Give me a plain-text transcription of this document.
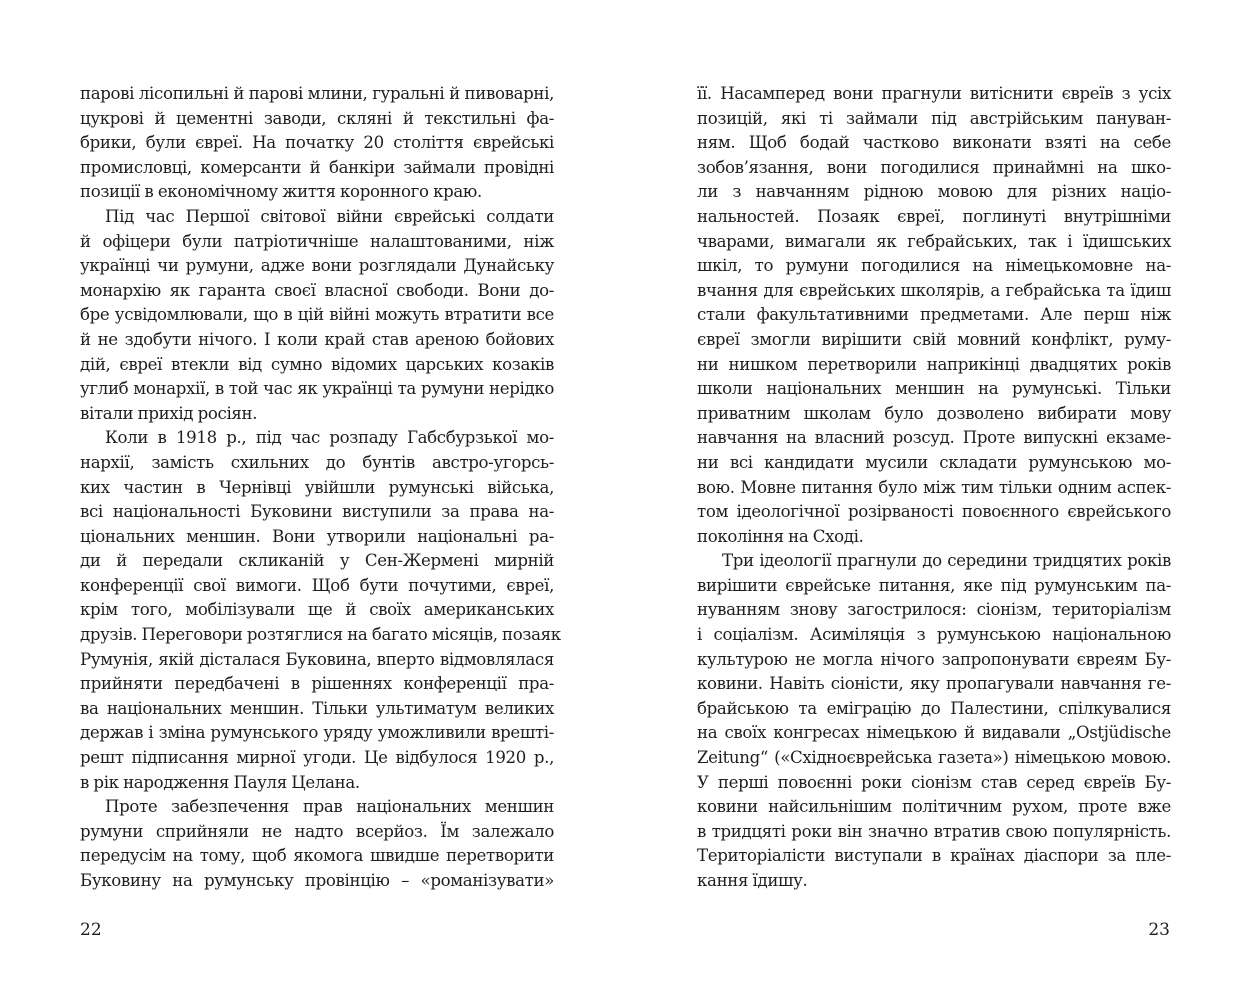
парові лісопильні й парові млини, гуральні й пивоварні,
цукрові й цементні заводи, скляні й текстильні фа-
брики, були євреї. На початку 20 століття єврейські
промисловці, комерсанти й банкіри займали провідні
позиції в економічному життя коронного краю.
Під час Першої світової війни єврейські солдати
й офіцери були патріотичніше налаштованими, ніж
українці чи румуни, адже вони розглядали Дунайську
монархію як гаранта своєї власної свободи. Вони до-
бре усвідомлювали, що в цій війні можуть втратити все
й не здобути нічого. І коли край став ареною бойових
дій, євреї втекли від сумно відомих царських козаків
углиб монархії, в той час як українці та румуни нерідко
вітали прихід росіян.
Коли в 1918 р., під час розпаду Габсбурзької мо-
нархії, замість схильних до бунтів австро-угорсь-
ких частин в Чернівці увійшли румунські війська,
всі національності Буковини виступили за права на-
ціональних меншин. Вони утворили національні ра-
ди й передали скликаній у Сен-Жермені мирній
конференції свої вимоги. Щоб бути почутими, євреї,
крім того, мобілізували ще й своїх американських
друзів. Переговори розтяглися на багато місяців, позаяк
Румунія, якій дісталася Буковина, вперто відмовлялася
прийняти передбачені в рішеннях конференції пра-
ва національних меншин. Тільки ультиматум великих
держав і зміна румунського уряду уможливили врешті-
решт підписання мирної угоди. Це відбулося 1920 р.,
в рік народження Пауля Целана.
Проте забезпечення прав національних меншин
румуни сприйняли не надто всерйоз. Їм залежало
передусім на тому, щоб якомога швидше перетворити
Буковину на румунську провінцію – «романізувати»
22
її. Насамперед вони прагнули витіснити євреїв з усіх
позицій, які ті займали під австрійським пануван-
ням. Щоб бодай частково виконати взяті на себе
зобов’язання, вони погодилися принаймні на шко-
ли з навчанням рідною мовою для різних націо-
нальностей. Позаяк євреї, поглинуті внутрішніми
чварами, вимагали як гебрайських, так і їдишських
шкіл, то румуни погодилися на німецькомовне на-
вчання для єврейських школярів, а гебрайська та їдиш
стали факультативними предметами. Але перш ніж
євреї змогли вирішити свій мовний конфлікт, руму-
ни нишком перетворили наприкінці двадцятих років
школи національних меншин на румунські. Тільки
приватним школам було дозволено вибирати мову
навчання на власний розсуд. Проте випускні екзаме-
ни всі кандидати мусили складати румунською мо-
вою. Мовне питання було між тим тільки одним аспек-
том ідеологічної розірваності повоєнного єврейського
покоління на Сході.
Три ідеології прагнули до середини тридцятих років
вирішити єврейське питання, яке під румунським па-
нуванням знову загострилося: сіонізм, територіалізм
і соціалізм. Асиміляція з румунською національною
культурою не могла нічого запропонувати євреям Бу-
ковини. Навіть сіоністи, яку пропагували навчання ге-
брайською та еміграцію до Палестини, спілкувалися
на своїх конгресах німецькою й видавали „Ostjüdische
Zeitung“ («Східноєврейська газета») німецькою мовою.
У перші повоєнні роки сіонізм став серед євреїв Бу-
ковини найсильнішим політичним рухом, проте вже
в тридцяті роки він значно втратив свою популярність.
Територіалісти виступали в країнах діаспори за пле-
кання їдишу.
23
